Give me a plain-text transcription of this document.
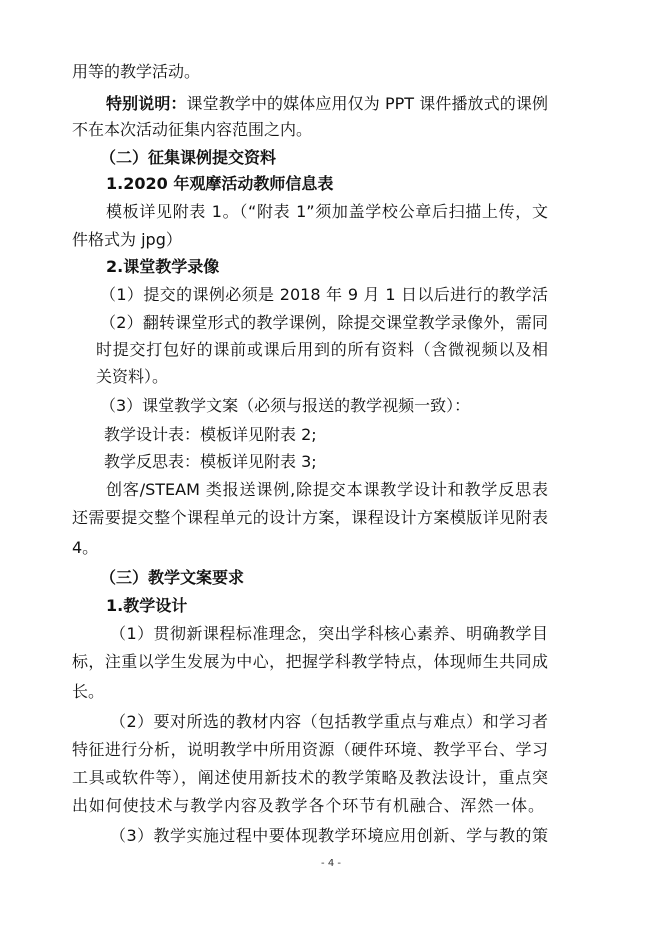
用等的教学活动。
特别说明：课堂教学中的媒体应用仅为 PPT 课件播放式的课例
不在本次活动征集内容范围之内。
（二）征集课例提交资料
1.2020 年观摩活动教师信息表
模板详见附表 1。（“附表 1”须加盖学校公章后扫描上传，文
件格式为 jpg）
2.课堂教学录像
（1）提交的课例必须是 2018 年 9 月 1 日以后进行的教学活
（2）翻转课堂形式的教学课例，除提交课堂教学录像外，需同
时提交打包好的课前或课后用到的所有资料（含微视频以及相
关资料）。
（3）课堂教学文案（必须与报送的教学视频一致）：
教学设计表：模板详见附表 2;
教学反思表：模板详见附表 3;
创客/STEAM 类报送课例,除提交本课教学设计和教学反思表
还需要提交整个课程单元的设计方案，课程设计方案模版详见附表
4。
（三）教学文案要求
1.教学设计
（1）贯彻新课程标准理念，突出学科核心素养、明确教学目
标，注重以学生发展为中心，把握学科教学特点，体现师生共同成
长。
（2）要对所选的教材内容（包括教学重点与难点）和学习者
特征进行分析，说明教学中所用资源（硬件环境、教学平台、学习
工具或软件等），阐述使用新技术的教学策略及教法设计，重点突
出如何使技术与教学内容及教学各个环节有机融合、浑然一体。
（3）教学实施过程中要体现教学环境应用创新、学与教的策
- 4 -
